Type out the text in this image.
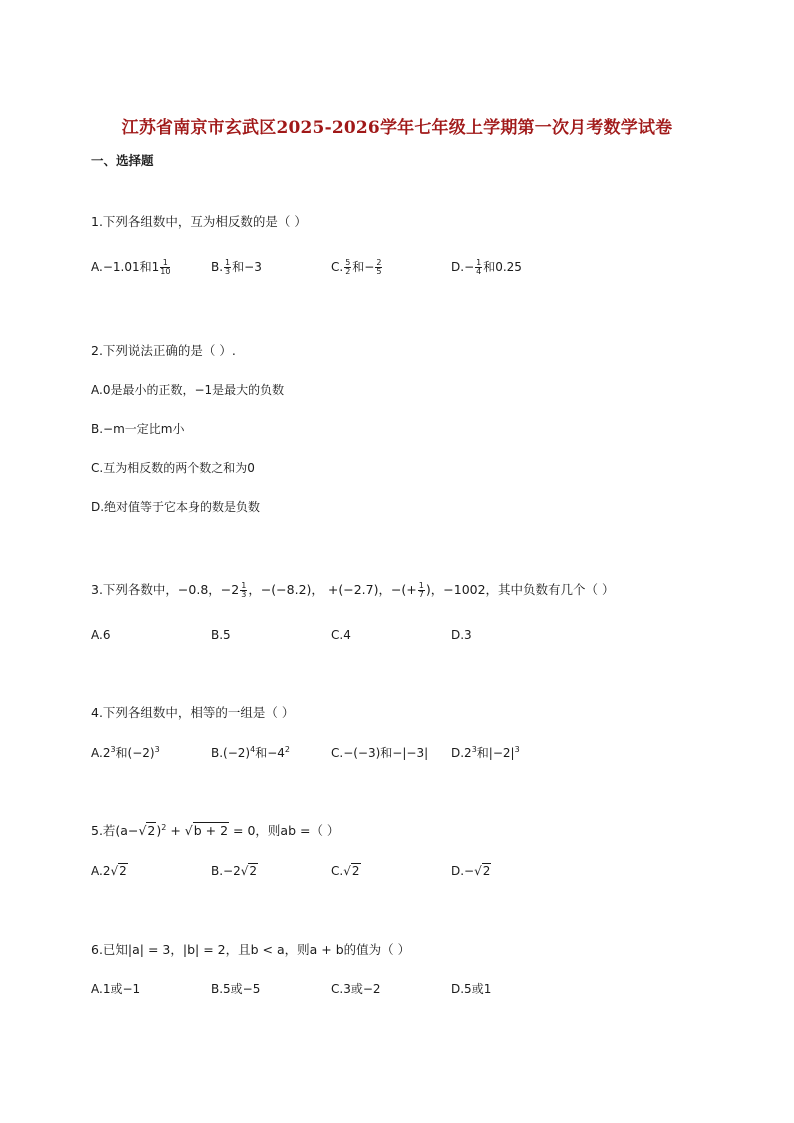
江苏省南京市玄武区2025-2026学年七年级上学期第一次月考数学试卷
一、选择题
1.下列各组数中，互为相反数的是（ ）
A.−1.01和$1 \frac{1}{10}$	B. $\frac{1}{3}$ 和−3	C. $\frac{5}{2}$ 和− $\frac{2}{5}$	$D.- \frac{1}{4}$ 和0.25
2.下列说法正确的是（ ）.
A.0是最小的正数，−1是最大的负数
B.−m一定比m小
C.互为相反数的两个数之和为0
D.绝对值等于它本身的数是负数
3.下列各数中，−0.8，$-2 \frac{1}{3}$ ，−(−8.2)， +(−2.7)，−(+ $\frac{1}{7}$ )，−1002，其中负数有几个（ ）
A.6	B.5	C.4	D.3
4.下列各组数中，相等的一组是（ ）
$A.2^3$和$(-2)^3$	$B.(-2)^4$和$-4^2$	C.−(−3)和−|−3| $D.2^3$和$|-2|^3$
5.若$(a-√2)^2 + √b + 2 = 0$，则ab =（ ）
A.2√2	B.−2√2	C.√2	D.−√2
6.已知|a| = 3，|b| = 2，且b < a，则a + b的值为（ ）
A.1或−1	B.5或−5	C.3或−2	D.5或1
